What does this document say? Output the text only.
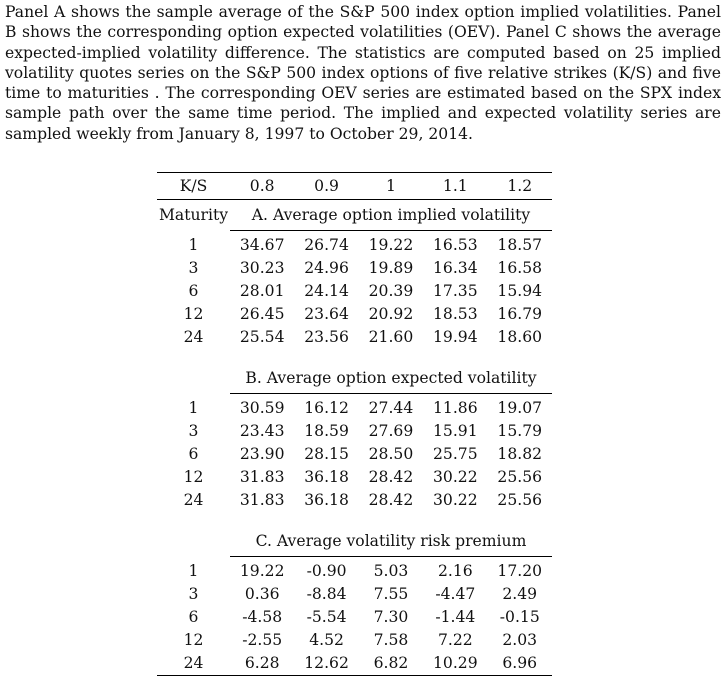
Panel A shows the sample average of the S&P 500 index option implied volatilities. Panel B shows the corresponding option expected volatilities (OEV). Panel C shows the average expected-implied volatility difference. The statistics are computed based on 25 implied volatility quotes series on the S&P 500 index options of five relative strikes (K/S) and five time to maturities . The corresponding OEV series are estimated based on the SPX index sample path over the same time period. The implied and expected volatility series are sampled weekly from January 8, 1997 to October 29, 2014.
K/S	0.8	0.9	1	1.1	1.2
Maturity	A. Average option implied volatility				
1	34.67	26.74	19.22	16.53	18.57
3	30.23	24.96	19.89	16.34	16.58
6	28.01	24.14	20.39	17.35	15.94
12	26.45	23.64	20.92	18.53	16.79
24	25.54	23.56	21.60	19.94	18.60

	B. Average option expected volatility				
1	30.59	16.12	27.44	11.86	19.07
3	23.43	18.59	27.69	15.91	15.79
6	23.90	28.15	28.50	25.75	18.82
12	31.83	36.18	28.42	30.22	25.56
24	31.83	36.18	28.42	30.22	25.56

	C. Average volatility risk premium				
1	19.22	-0.90	5.03	2.16	17.20
3	0.36	-8.84	7.55	-4.47	2.49
6	-4.58	-5.54	7.30	-1.44	-0.15
12	-2.55	4.52	7.58	7.22	2.03
24	6.28	12.62	6.82	10.29	6.96
